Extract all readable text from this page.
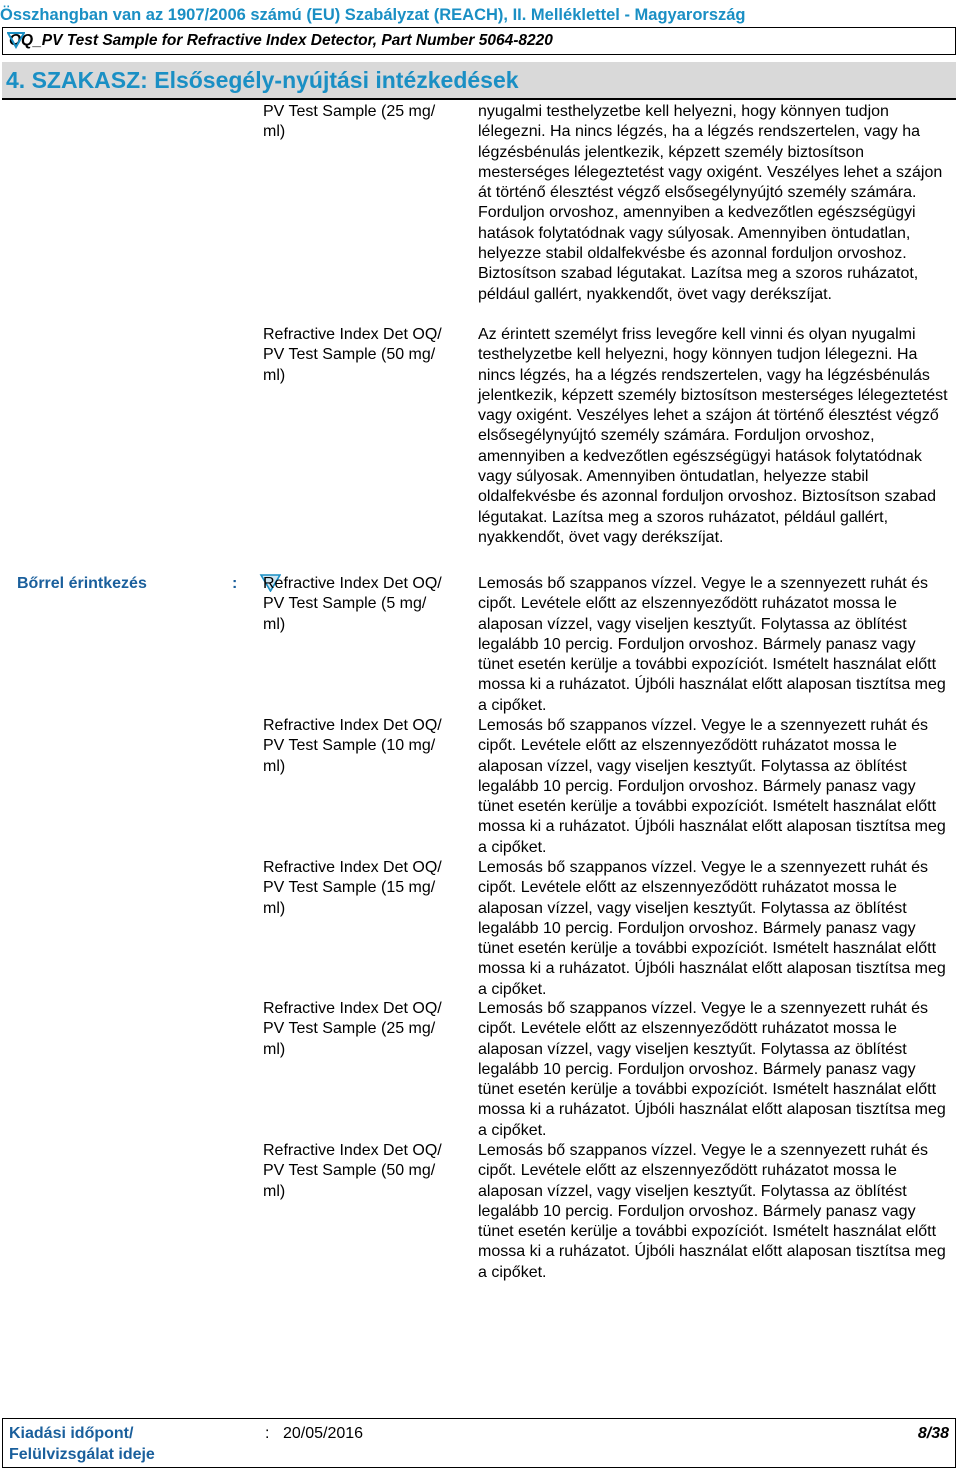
Összhangban van az 1907/2006 számú (EU) Szabályzat (REACH), II. Melléklettel - Magyarország
OQ_PV Test Sample for Refractive Index Detector, Part Number 5064-8220
4. SZAKASZ: Elsősegély-nyújtási intézkedések
PV Test Sample (25 mg/
ml)
nyugalmi testhelyzetbe kell helyezni, hogy könnyen tudjon lélegezni. Ha nincs légzés, ha a légzés rendszertelen, vagy ha légzésbénulás jelentkezik, képzett személy biztosítson mesterséges lélegeztetést vagy oxigént. Veszélyes lehet a szájon át történő élesztést végző elsősegélynyújtó személy számára. Forduljon orvoshoz, amennyiben a kedvezőtlen egészségügyi hatások folytatódnak vagy súlyosak. Amennyiben öntudatlan, helyezze stabil oldalfekvésbe és azonnal forduljon orvoshoz. Biztosítson szabad légutakat. Lazítsa meg a szoros ruházatot, például gallért, nyakkendőt, övet vagy derékszíjat.
Refractive Index Det OQ/
PV Test Sample (50 mg/
ml)
Az érintett személyt friss levegőre kell vinni és olyan nyugalmi testhelyzetbe kell helyezni, hogy könnyen tudjon lélegezni. Ha nincs légzés, ha a légzés rendszertelen, vagy ha légzésbénulás jelentkezik, képzett személy biztosítson mesterséges lélegeztetést vagy oxigént. Veszélyes lehet a szájon át történő élesztést végző elsősegélynyújtó személy számára. Forduljon orvoshoz, amennyiben a kedvezőtlen egészségügyi hatások folytatódnak vagy súlyosak. Amennyiben öntudatlan, helyezze stabil oldalfekvésbe és azonnal forduljon orvoshoz. Biztosítson szabad légutakat. Lazítsa meg a szoros ruházatot, például gallért, nyakkendőt, övet vagy derékszíjat.
Bőrrel érintkezés	: Refractive Index Det OQ/
PV Test Sample (5 mg/
ml)
Lemosás bő szappanos vízzel. Vegye le a szennyezett ruhát és cipőt. Levétele előtt az elszennyeződött ruházatot mossa le alaposan vízzel, vagy viseljen kesztyűt. Folytassa az öblítést legalább 10 percig. Forduljon orvoshoz. Bármely panasz vagy tünet esetén kerülje a további expozíciót. Ismételt használat előtt mossa ki a ruházatot. Újbóli használat előtt alaposan tisztítsa meg a cipőket.
Refractive Index Det OQ/
PV Test Sample (10 mg/
ml)
Lemosás bő szappanos vízzel. Vegye le a szennyezett ruhát és cipőt. Levétele előtt az elszennyeződött ruházatot mossa le alaposan vízzel, vagy viseljen kesztyűt. Folytassa az öblítést legalább 10 percig. Forduljon orvoshoz. Bármely panasz vagy tünet esetén kerülje a további expozíciót. Ismételt használat előtt mossa ki a ruházatot. Újbóli használat előtt alaposan tisztítsa meg a cipőket.
Refractive Index Det OQ/
PV Test Sample (15 mg/
ml)
Lemosás bő szappanos vízzel. Vegye le a szennyezett ruhát és cipőt. Levétele előtt az elszennyeződött ruházatot mossa le alaposan vízzel, vagy viseljen kesztyűt. Folytassa az öblítést legalább 10 percig. Forduljon orvoshoz. Bármely panasz vagy tünet esetén kerülje a további expozíciót. Ismételt használat előtt mossa ki a ruházatot. Újbóli használat előtt alaposan tisztítsa meg a cipőket.
Refractive Index Det OQ/
PV Test Sample (25 mg/
ml)
Lemosás bő szappanos vízzel. Vegye le a szennyezett ruhát és cipőt. Levétele előtt az elszennyeződött ruházatot mossa le alaposan vízzel, vagy viseljen kesztyűt. Folytassa az öblítést legalább 10 percig. Forduljon orvoshoz. Bármely panasz vagy tünet esetén kerülje a további expozíciót. Ismételt használat előtt mossa ki a ruházatot. Újbóli használat előtt alaposan tisztítsa meg a cipőket.
Refractive Index Det OQ/
PV Test Sample (50 mg/
ml)
Lemosás bő szappanos vízzel. Vegye le a szennyezett ruhát és cipőt. Levétele előtt az elszennyeződött ruházatot mossa le alaposan vízzel, vagy viseljen kesztyűt. Folytassa az öblítést legalább 10 percig. Forduljon orvoshoz. Bármely panasz vagy tünet esetén kerülje a további expozíciót. Ismételt használat előtt mossa ki a ruházatot. Újbóli használat előtt alaposan tisztítsa meg a cipőket.
Kiadási időpont/
Felülvizsgálat ideje
: 20/05/2016	8/38
